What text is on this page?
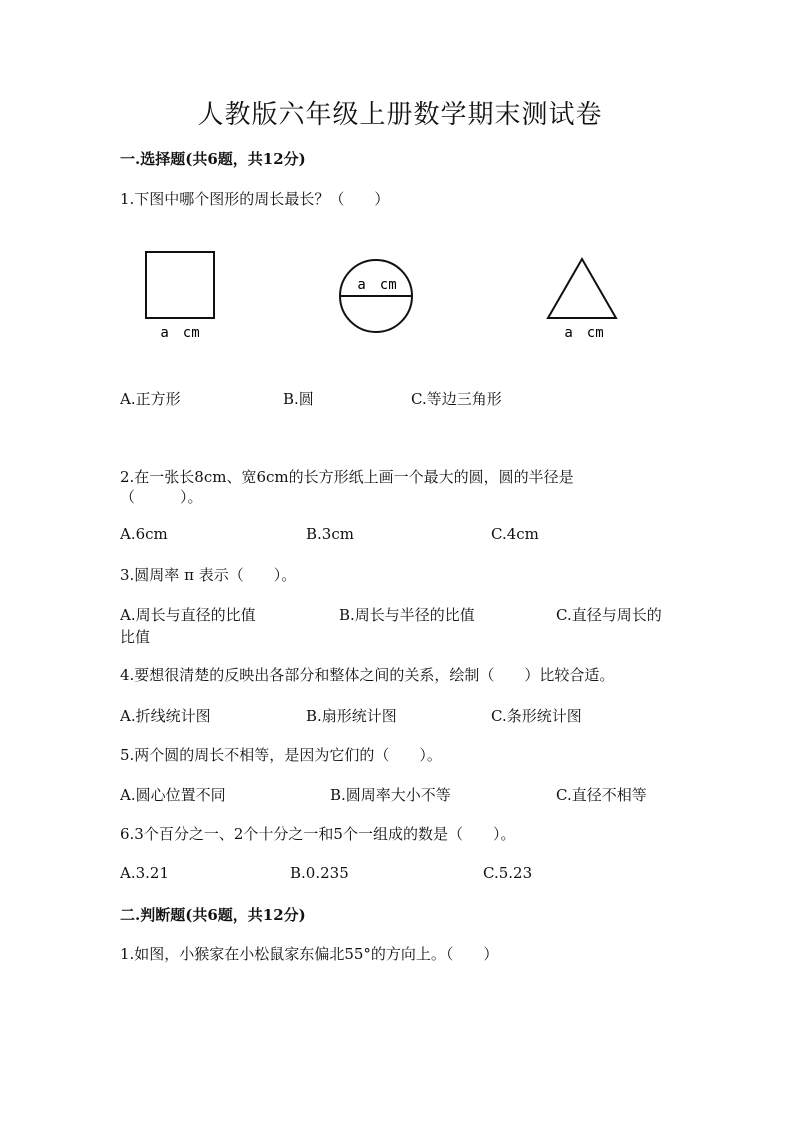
人教版六年级上册数学期末测试卷
一.选择题(共6题，共12分)
1.下图中哪个图形的周长最长？（　　）
a　cm
a　cm
a　cm
A.正方形	B.圆	C.等边三角形
2.在一张长8cm、宽6cm的长方形纸上画一个最大的圆，圆的半径是
（　　　）。
A.6cm	B.3cm	C.4cm
3.圆周率 π 表示（　　）。
A.周长与直径的比值	B.周长与半径的比值	C.直径与周长的
比值
4.要想很清楚的反映出各部分和整体之间的关系，绘制（　　）比较合适。
A.折线统计图	B.扇形统计图	C.条形统计图
5.两个圆的周长不相等，是因为它们的（　　）。
A.圆心位置不同	B.圆周率大小不等	C.直径不相等
6.3个百分之一、2个十分之一和5个一组成的数是（　　）。
A.3.21	B.0.235	C.5.23
二.判断题(共6题，共12分)
1.如图，小猴家在小松鼠家东偏北55°的方向上。（　　）
